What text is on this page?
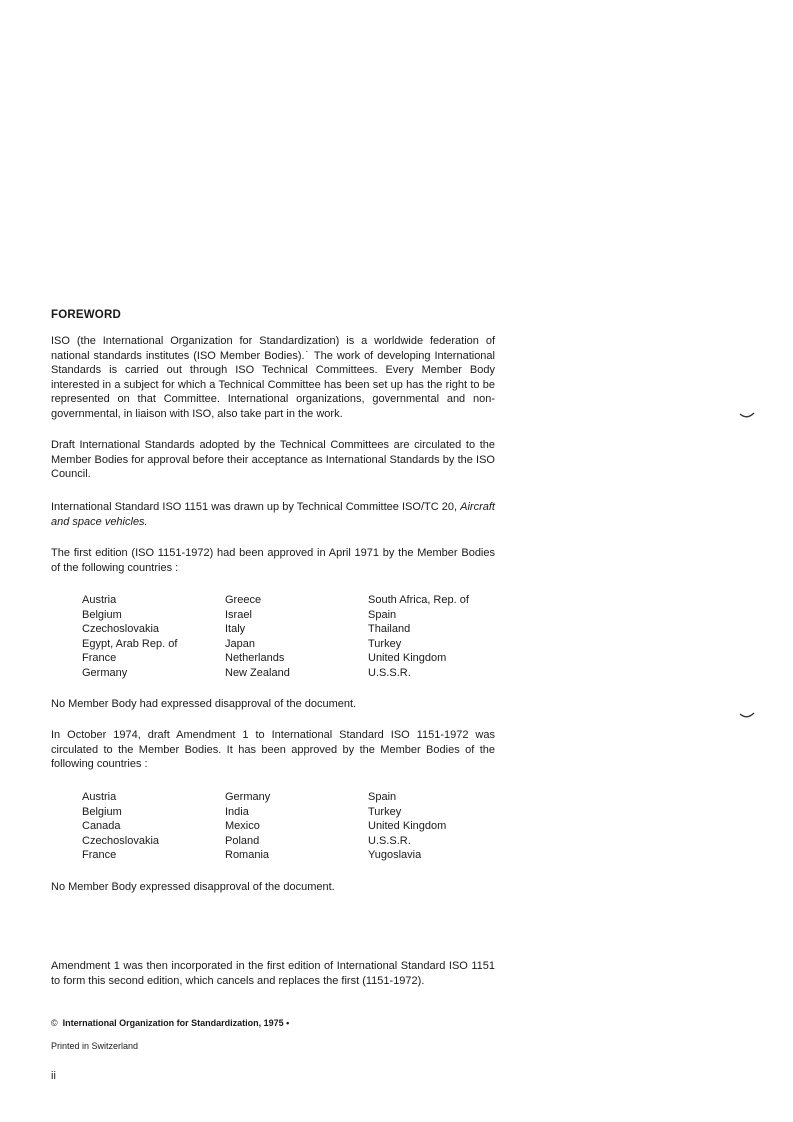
FOREWORD

ISO (the International Organization for Standardization) is a worldwide federation of national standards institutes (ISO Member Bodies).˙ The work of developing International Standards is carried out through ISO Technical Committees. Every Member Body interested in a subject for which a Technical Committee has been set up has the right to be represented on that Committee. International organizations, governmental and non-governmental, in liaison with ISO, also take part in the work.

Draft International Standards adopted by the Technical Committees are circulated to the Member Bodies for approval before their acceptance as International Standards by the ISO Council.

International Standard ISO 1151 was drawn up by Technical Committee ISO/TC 20, Aircraft and space vehicles.

The first edition (ISO 1151-1972) had been approved in April 1971 by the Member Bodies of the following countries :

Austria
Belgium
Czechoslovakia
Egypt, Arab Rep. of
France
Germany
Greece
Israel
Italy
Japan
Netherlands
New Zealand
South Africa, Rep. of
Spain
Thailand
Turkey
United Kingdom
U.S.S.R.

No Member Body had expressed disapproval of the document.

In October 1974, draft Amendment 1 to International Standard ISO 1151-1972 was circulated to the Member Bodies. It has been approved by the Member Bodies of the following countries :

Austria
Belgium
Canada
Czechoslovakia
France
Germany
India
Mexico
Poland
Romania
Spain
Turkey
United Kingdom
U.S.S.R.
Yugoslavia

No Member Body expressed disapproval of the document.

Amendment 1 was then incorporated in the first edition of International Standard ISO 1151 to form this second edition, which cancels and replaces the first (1151-1972).

© International Organization for Standardization, 1975 •
Printed in Switzerland
ii
